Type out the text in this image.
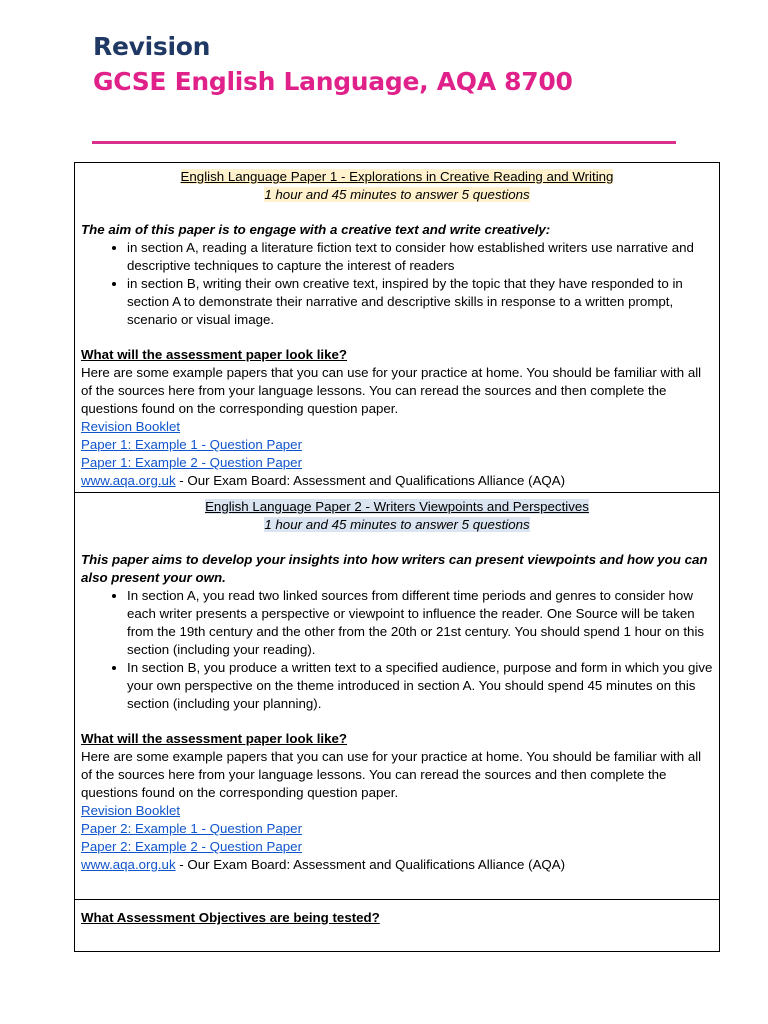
Revision
GCSE English Language, AQA 8700
English Language Paper 1 - Explorations in Creative Reading and Writing
1 hour and 45 minutes to answer 5 questions

The aim of this paper is to engage with a creative text and write creatively:

• in section A, reading a literature fiction text to consider how established writers use narrative and descriptive techniques to capture the interest of readers
• in section B, writing their own creative text, inspired by the topic that they have responded to in section A to demonstrate their narrative and descriptive skills in response to a written prompt, scenario or visual image.

What will the assessment paper look like?

Here are some example papers that you can use for your practice at home. You should be familiar with all of the sources here from your language lessons. You can reread the sources and then complete the questions found on the corresponding question paper.

Revision Booklet
Paper 1: Example 1 - Question Paper
Paper 1: Example 2 - Question Paper
www.aqa.org.uk - Our Exam Board: Assessment and Qualifications Alliance (AQA)
English Language Paper 2 - Writers Viewpoints and Perspectives
1 hour and 45 minutes to answer 5 questions

This paper aims to develop your insights into how writers can present viewpoints and how you can also present your own.

• In section A, you read two linked sources from different time periods and genres to consider how each writer presents a perspective or viewpoint to influence the reader. One Source will be taken from the 19th century and the other from the 20th or 21st century. You should spend 1 hour on this section (including your reading).
• In section B, you produce a written text to a specified audience, purpose and form in which you give your own perspective on the theme introduced in section A. You should spend 45 minutes on this section (including your planning).

What will the assessment paper look like?

Here are some example papers that you can use for your practice at home. You should be familiar with all of the sources here from your language lessons. You can reread the sources and then complete the questions found on the corresponding question paper.

Revision Booklet
Paper 2: Example 1 - Question Paper
Paper 2: Example 2 - Question Paper
www.aqa.org.uk - Our Exam Board: Assessment and Qualifications Alliance (AQA)

What Assessment Objectives are being tested?
